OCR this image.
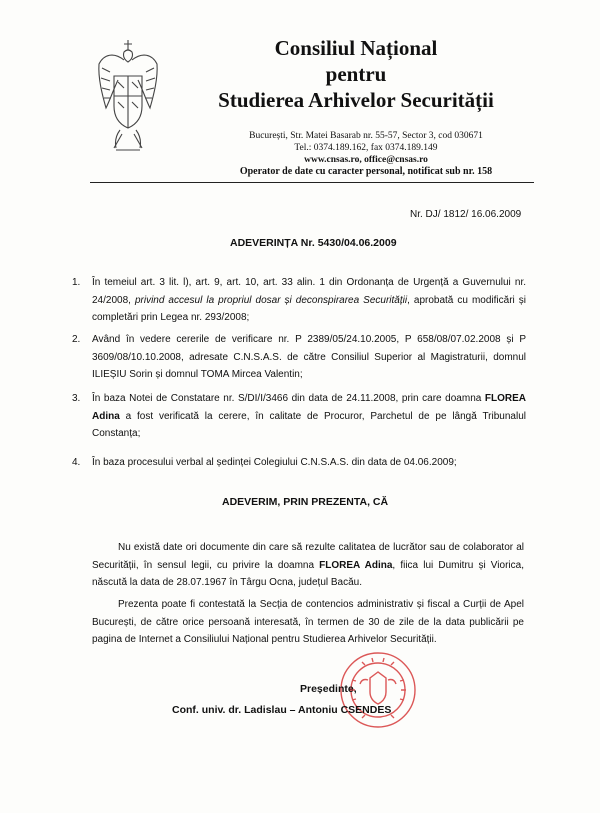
Consiliul Național
pentru
Studierea Arhivelor Securității
București, Str. Matei Basarab nr. 55-57, Sector 3, cod 030671
Tel.: 0374.189.162, fax 0374.189.149
www.cnsas.ro, office@cnsas.ro
Operator de date cu caracter personal, notificat sub nr. 158
Nr. DJ/ 1812/ 16.06.2009
ADEVERINȚA Nr. 5430/04.06.2009
1.	În temeiul art. 3 lit. l), art. 9, art. 10, art. 33 alin. 1 din Ordonanța de Urgență a Guvernului nr. 24/2008, privind accesul la propriul dosar și deconspirarea Securității, aprobată cu modificări și completări prin Legea nr. 293/2008;
2.	Având în vedere cererile de verificare nr. P 2389/05/24.10.2005, P 658/08/07.02.2008 și P 3609/08/10.10.2008, adresate C.N.S.A.S. de către Consiliul Superior al Magistraturii, domnul ILIEȘIU Sorin și domnul TOMA Mircea Valentin;
3.	În baza Notei de Constatare nr. S/DI/I/3466 din data de 24.11.2008, prin care doamna FLOREA Adina a fost verificată la cerere, în calitate de Procuror, Parchetul de pe lângă Tribunalul Constanța;
4.	În baza procesului verbal al ședinței Colegiului C.N.S.A.S. din data de 04.06.2009;
ADEVERIM, PRIN PREZENTA, CĂ
Nu există date ori documente din care să rezulte calitatea de lucrător sau de colaborator al Securității, în sensul legii, cu privire la doamna FLOREA Adina, fiica lui Dumitru și Viorica, născută la data de 28.07.1967 în Târgu Ocna, județul Bacău.
Prezenta poate fi contestată la Secția de contencios administrativ și fiscal a Curții de Apel București, de către orice persoană interesată, în termen de 30 de zile de la data publicării pe pagina de Internet a Consiliului Național pentru Studierea Arhivelor Securității.
Președinte,
Conf. univ. dr. Ladislau – Antoniu CSENDES
